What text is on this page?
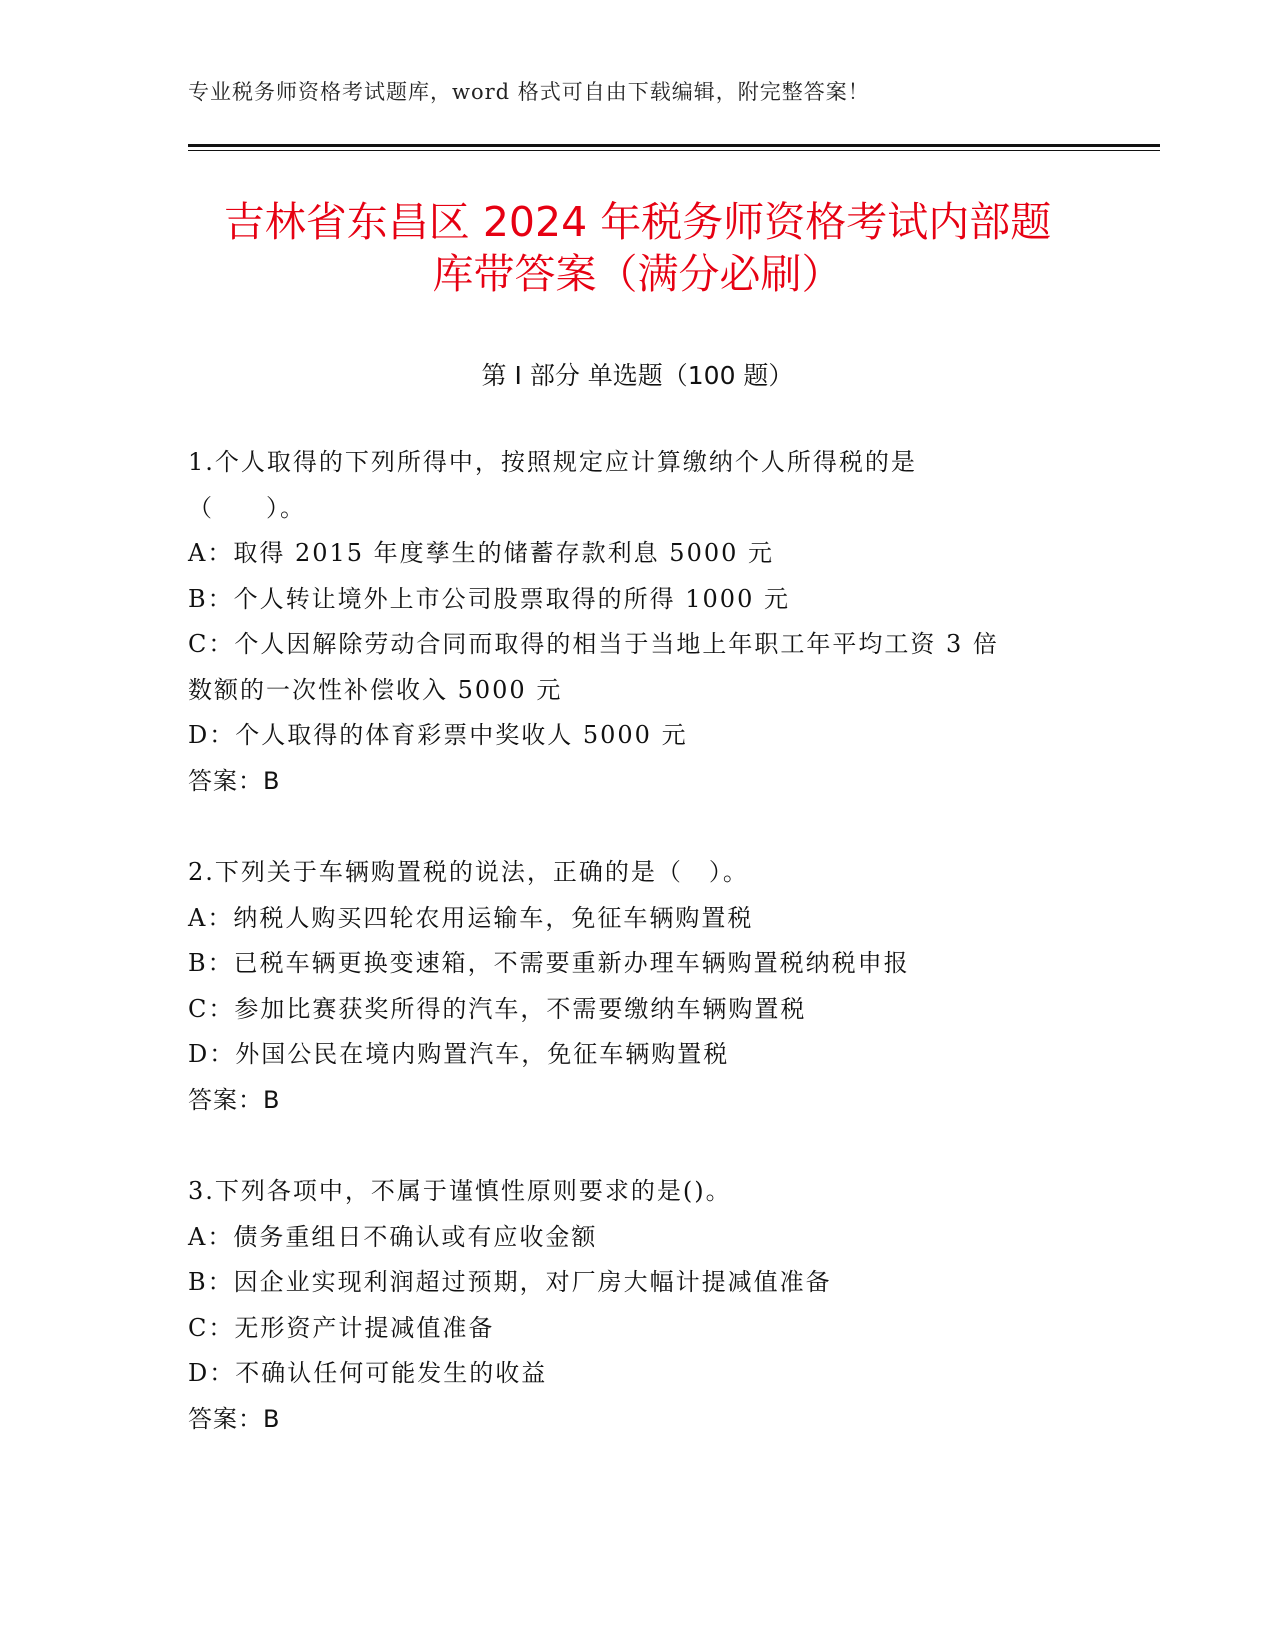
专业税务师资格考试题库，word 格式可自由下载编辑，附完整答案！
吉林省东昌区 2024 年税务师资格考试内部题
库带答案（满分必刷）
第 I 部分 单选题（100 题）
1.个人取得的下列所得中，按照规定应计算缴纳个人所得税的是（　　）。
A：取得 2015 年度孳生的储蓄存款利息 5000 元
B：个人转让境外上市公司股票取得的所得 1000 元
C：个人因解除劳动合同而取得的相当于当地上年职工年平均工资 3 倍数额的一次性补偿收入 5000 元
D：个人取得的体育彩票中奖收人 5000 元
答案：B
2.下列关于车辆购置税的说法，正确的是（　）。
A：纳税人购买四轮农用运输车，免征车辆购置税
B：已税车辆更换变速箱，不需要重新办理车辆购置税纳税申报
C：参加比赛获奖所得的汽车，不需要缴纳车辆购置税
D：外国公民在境内购置汽车，免征车辆购置税
答案：B
3.下列各项中，不属于谨慎性原则要求的是()。
A：债务重组日不确认或有应收金额
B：因企业实现利润超过预期，对厂房大幅计提减值准备
C：无形资产计提减值准备
D：不确认任何可能发生的收益
答案：B
